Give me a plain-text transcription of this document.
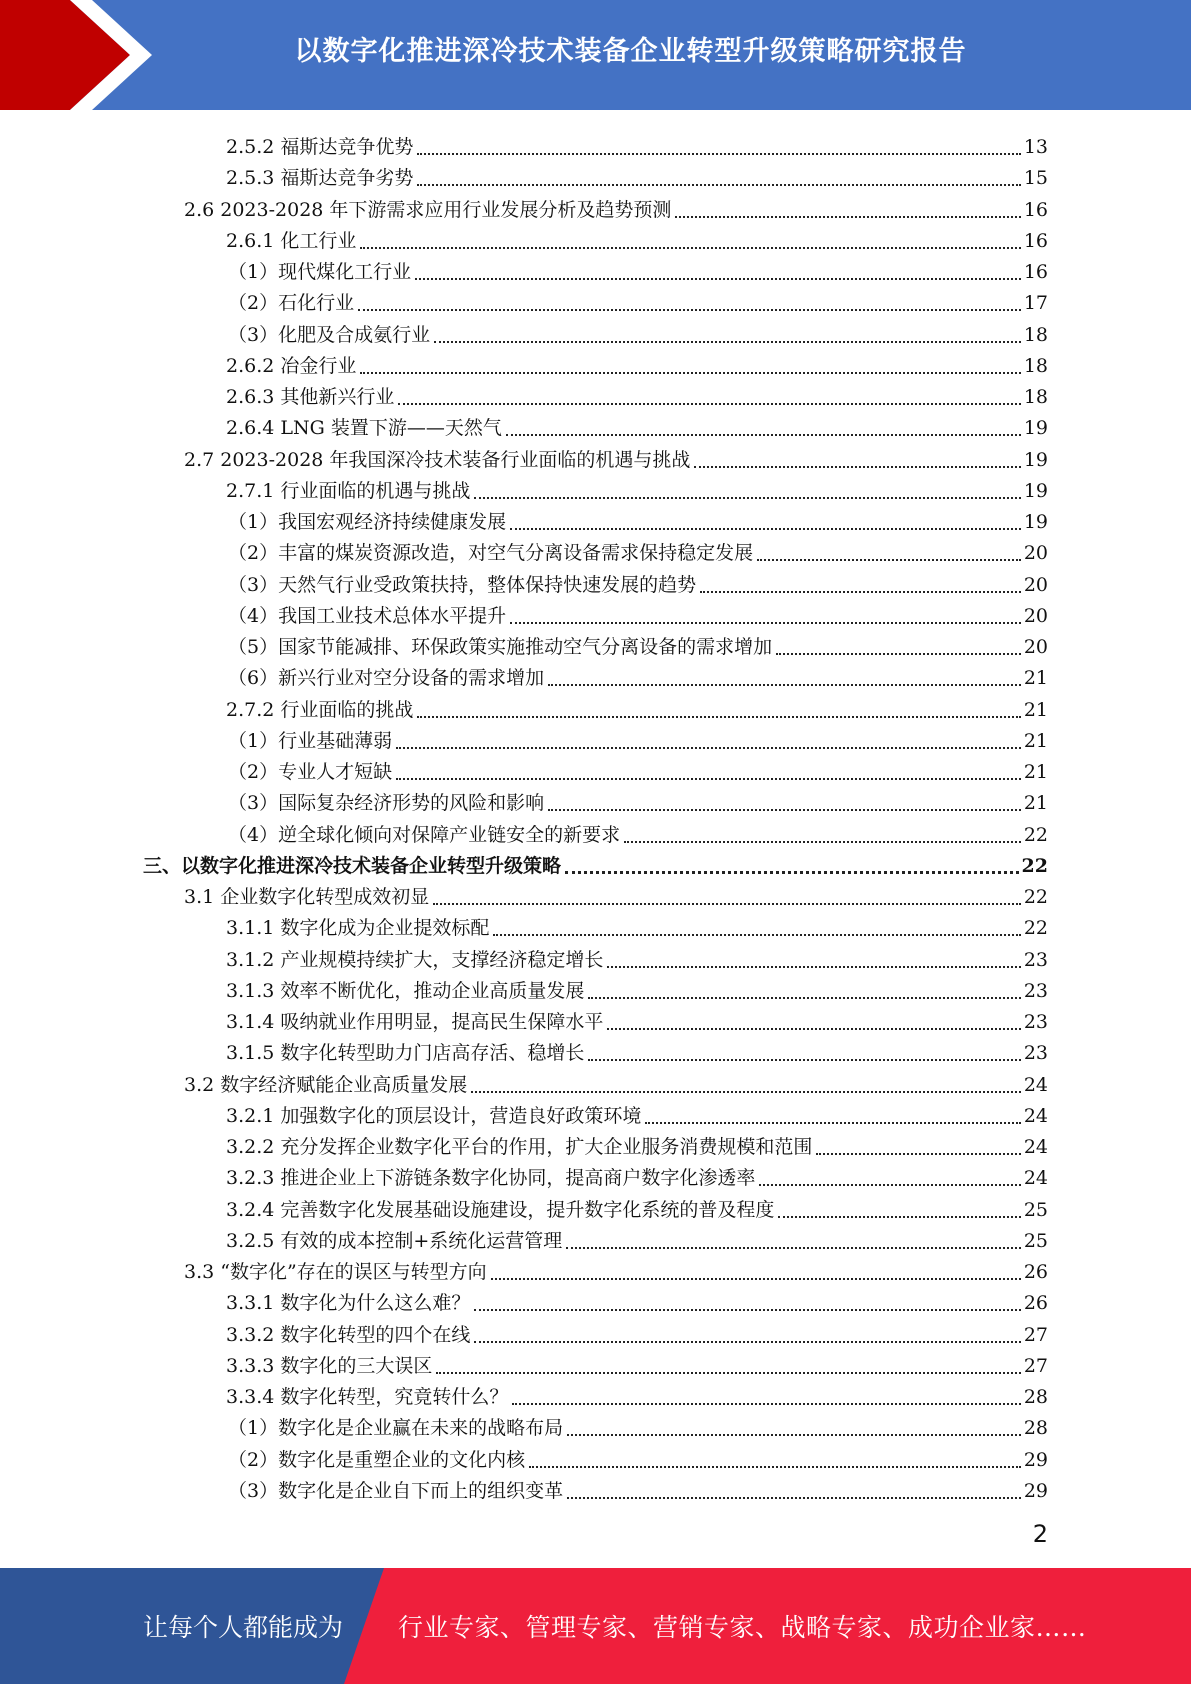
以数字化推进深冷技术装备企业转型升级策略研究报告
2.5.2 福斯达竞争优势	13
2.5.3 福斯达竞争劣势	15
2.6 2023-2028 年下游需求应用行业发展分析及趋势预测	16
2.6.1 化工行业	16
（1）现代煤化工行业	16
（2）石化行业	17
（3）化肥及合成氨行业	18
2.6.2 冶金行业	18
2.6.3 其他新兴行业	18
2.6.4 LNG 装置下游——天然气	19
2.7 2023-2028 年我国深冷技术装备行业面临的机遇与挑战	19
2.7.1 行业面临的机遇与挑战	19
（1）我国宏观经济持续健康发展	19
（2）丰富的煤炭资源改造，对空气分离设备需求保持稳定发展	20
（3）天然气行业受政策扶持，整体保持快速发展的趋势	20
（4）我国工业技术总体水平提升	20
（5）国家节能减排、环保政策实施推动空气分离设备的需求增加	20
（6）新兴行业对空分设备的需求增加	21
2.7.2 行业面临的挑战	21
（1）行业基础薄弱	21
（2）专业人才短缺	21
（3）国际复杂经济形势的风险和影响	21
（4）逆全球化倾向对保障产业链安全的新要求	22
三、以数字化推进深冷技术装备企业转型升级策略	22
3.1 企业数字化转型成效初显	22
3.1.1 数字化成为企业提效标配	22
3.1.2 产业规模持续扩大，支撑经济稳定增长	23
3.1.3 效率不断优化，推动企业高质量发展	23
3.1.4 吸纳就业作用明显，提高民生保障水平	23
3.1.5 数字化转型助力门店高存活、稳增长	23
3.2 数字经济赋能企业高质量发展	24
3.2.1 加强数字化的顶层设计，营造良好政策环境	24
3.2.2 充分发挥企业数字化平台的作用，扩大企业服务消费规模和范围	24
3.2.3 推进企业上下游链条数字化协同，提高商户数字化渗透率	24
3.2.4 完善数字化发展基础设施建设，提升数字化系统的普及程度	25
3.2.5 有效的成本控制+系统化运营管理	25
3.3 “数字化”存在的误区与转型方向	26
3.3.1 数字化为什么这么难？	26
3.3.2 数字化转型的四个在线	27
3.3.3 数字化的三大误区	27
3.3.4 数字化转型，究竟转什么？	28
（1）数字化是企业赢在未来的战略布局	28
（2）数字化是重塑企业的文化内核	29
（3）数字化是企业自下而上的组织变革	29
2
让每个人都能成为 行业专家、管理专家、营销专家、战略专家、成功企业家……
